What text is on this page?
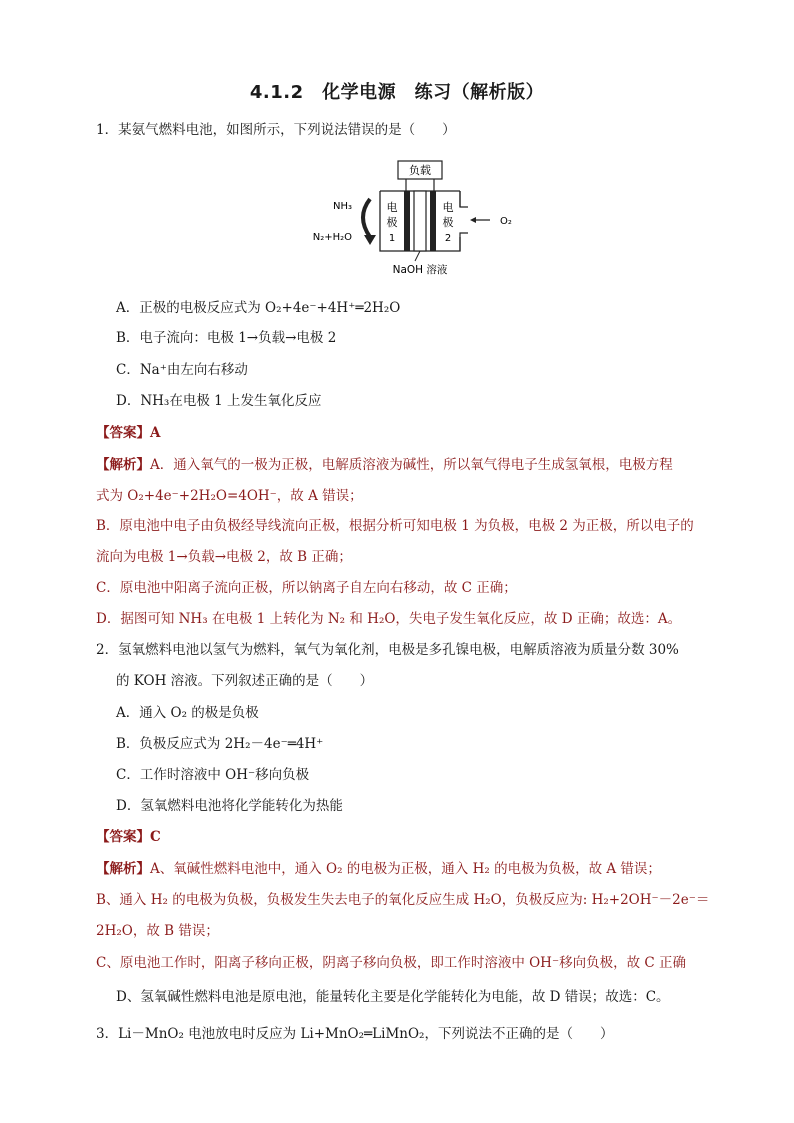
4.1.2　化学电源　练习（解析版）
1．某氨气燃料电池，如图所示，下列说法错误的是（　　）
负载
电
极
1
电
极
2
NH₃
N₂+H₂O
O₂
NaOH 溶液
A．正极的电极反应式为 O₂+4e⁻+4H⁺═2H₂O
B．电子流向：电极 1→负载→电极 2
C．Na⁺由左向右移动
D．NH₃在电极 1 上发生氧化反应
【答案】A
【解析】A．通入氧气的一极为正极，电解质溶液为碱性，所以氧气得电子生成氢氧根，电极方程
式为 O₂+4e⁻+2H₂O=4OH⁻，故 A 错误；
B．原电池中电子由负极经导线流向正极，根据分析可知电极 1 为负极，电极 2 为正极，所以电子的
流向为电极 1→负载→电极 2，故 B 正确；
C．原电池中阳离子流向正极，所以钠离子自左向右移动，故 C 正确；
D．据图可知 NH₃ 在电极 1 上转化为 N₂ 和 H₂O，失电子发生氧化反应，故 D 正确；故选：A。
2．氢氧燃料电池以氢气为燃料，氧气为氧化剂，电极是多孔镍电极，电解质溶液为质量分数 30%
的 KOH 溶液。下列叙述正确的是（　　）
A．通入 O₂ 的极是负极
B．负极反应式为 2H₂－4e⁻═4H⁺
C．工作时溶液中 OH⁻移向负极
D．氢氧燃料电池将化学能转化为热能
【答案】C
【解析】A、氧碱性燃料电池中，通入 O₂ 的电极为正极，通入 H₂ 的电极为负极，故 A 错误；
B、通入 H₂ 的电极为负极，负极发生失去电子的氧化反应生成 H₂O，负极反应为: H₂+2OH⁻－2e⁻＝
2H₂O，故 B 错误；
C、原电池工作时，阳离子移向正极，阴离子移向负极，即工作时溶液中 OH⁻移向负极，故 C 正确
D、氢氧碱性燃料电池是原电池，能量转化主要是化学能转化为电能，故 D 错误；故选：C。
3．Li－MnO₂ 电池放电时反应为 Li+MnO₂═LiMnO₂，下列说法不正确的是（　　）
